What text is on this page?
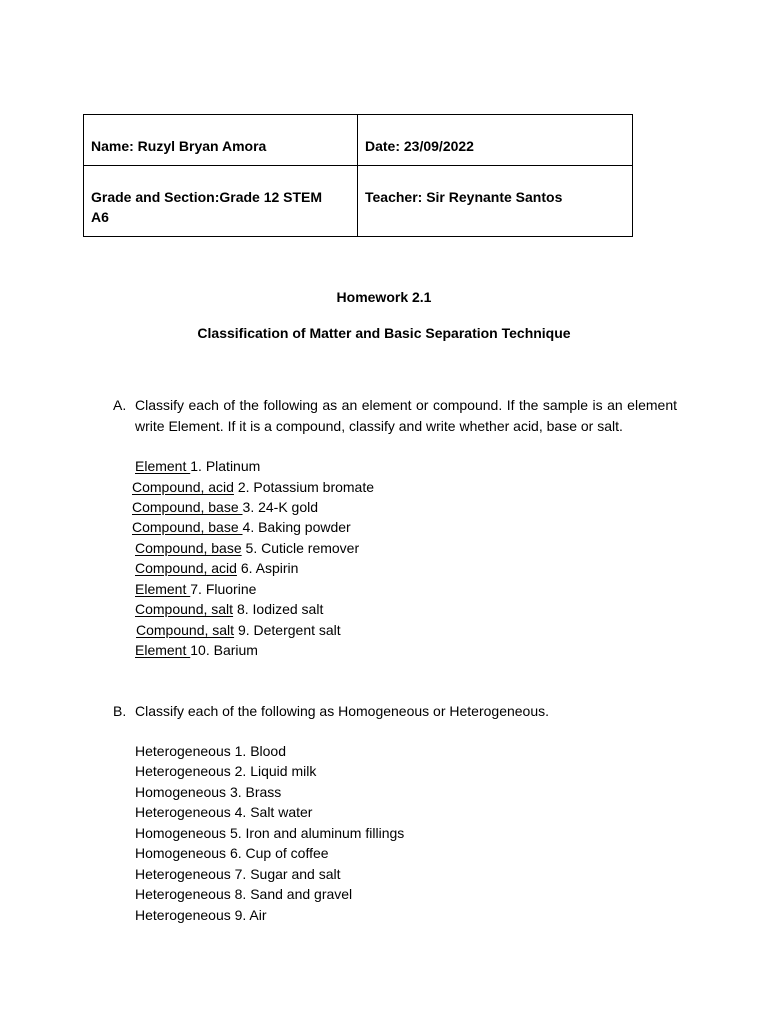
Name: Ruzyl Bryan Amora	Date: 23/09/2022

Grade and Section:Grade 12 STEM
A6	Teacher: Sir Reynante Santos
Homework 2.1
Classification of Matter and Basic Separation Technique
A. Classify each of the following as an element or compound. If the sample is an element write Element. If it is a compound, classify and write whether acid, base or salt.
Element 1. Platinum
Compound, acid 2. Potassium bromate
Compound, base 3. 24-K gold
Compound, base 4. Baking powder
Compound, base 5. Cuticle remover
Compound, acid 6. Aspirin
Element 7. Fluorine
Compound, salt 8. Iodized salt
Compound, salt 9. Detergent salt
Element 10. Barium
B. Classify each of the following as Homogeneous or Heterogeneous.
Heterogeneous 1. Blood
Heterogeneous 2. Liquid milk
Homogeneous 3. Brass
Heterogeneous 4. Salt water
Homogeneous 5. Iron and aluminum fillings
Homogeneous 6. Cup of coffee
Heterogeneous 7. Sugar and salt
Heterogeneous 8. Sand and gravel
Heterogeneous 9. Air
